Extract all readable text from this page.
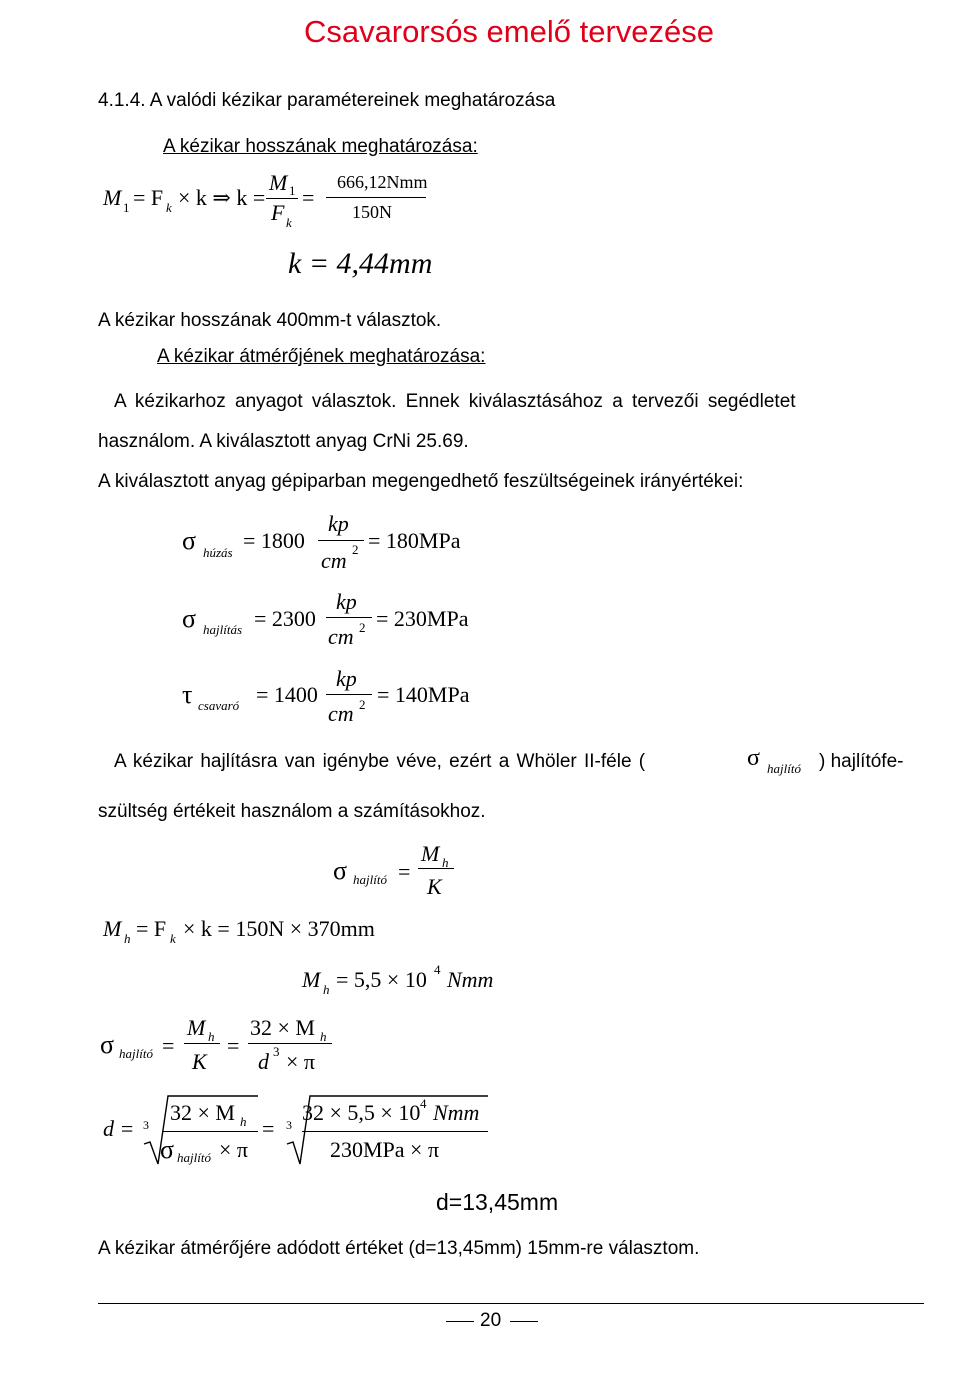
Csavarorsós emelő tervezése
4.1.4. A valódi kézikar paramétereinek meghatározása
A kézikar hosszának meghatározása:
M 1 = F k × k ⇒ k =
M 1
F k
=
666,12Nmm
150N
k = 4,44mm
A kézikar hosszának 400mm-t választok.
A kézikar átmérőjének meghatározása:
A kézikarhoz anyagot választok. Ennek kiválasztásához a tervezői segédletet
használom. A kiválasztott anyag CrNi 25.69.
A kiválasztott anyag gépiparban megengedhető feszültségeinek irányértékei:
σ húzás = 1800
kp
cm 2 = 180MPa
σ hajlítás = 2300
kp
cm 2 = 230MPa
τ csavaró = 1400
kp
cm 2 = 140MPa
A kézikar hajlításra van igénybe véve, ezért a Whöler II-féle (	σ hajlító ) hajlítófe-
szültség értékeit használom a számításokhoz.
σ hajlító =
M h
K
M h = F k × k = 150N × 370mm
M h = 5,5 × 10 4 Nmm
σ hajlító =
M h
K
=
32 × M h
d 3 × π
d = 3 32 × M h
σ hajlító × π
= 3 32 × 5,5 × 10 4 Nmm
230MPa × π
d=13,45mm
A kézikar átmérőjére adódott értéket (d=13,45mm) 15mm-re választom.
20
